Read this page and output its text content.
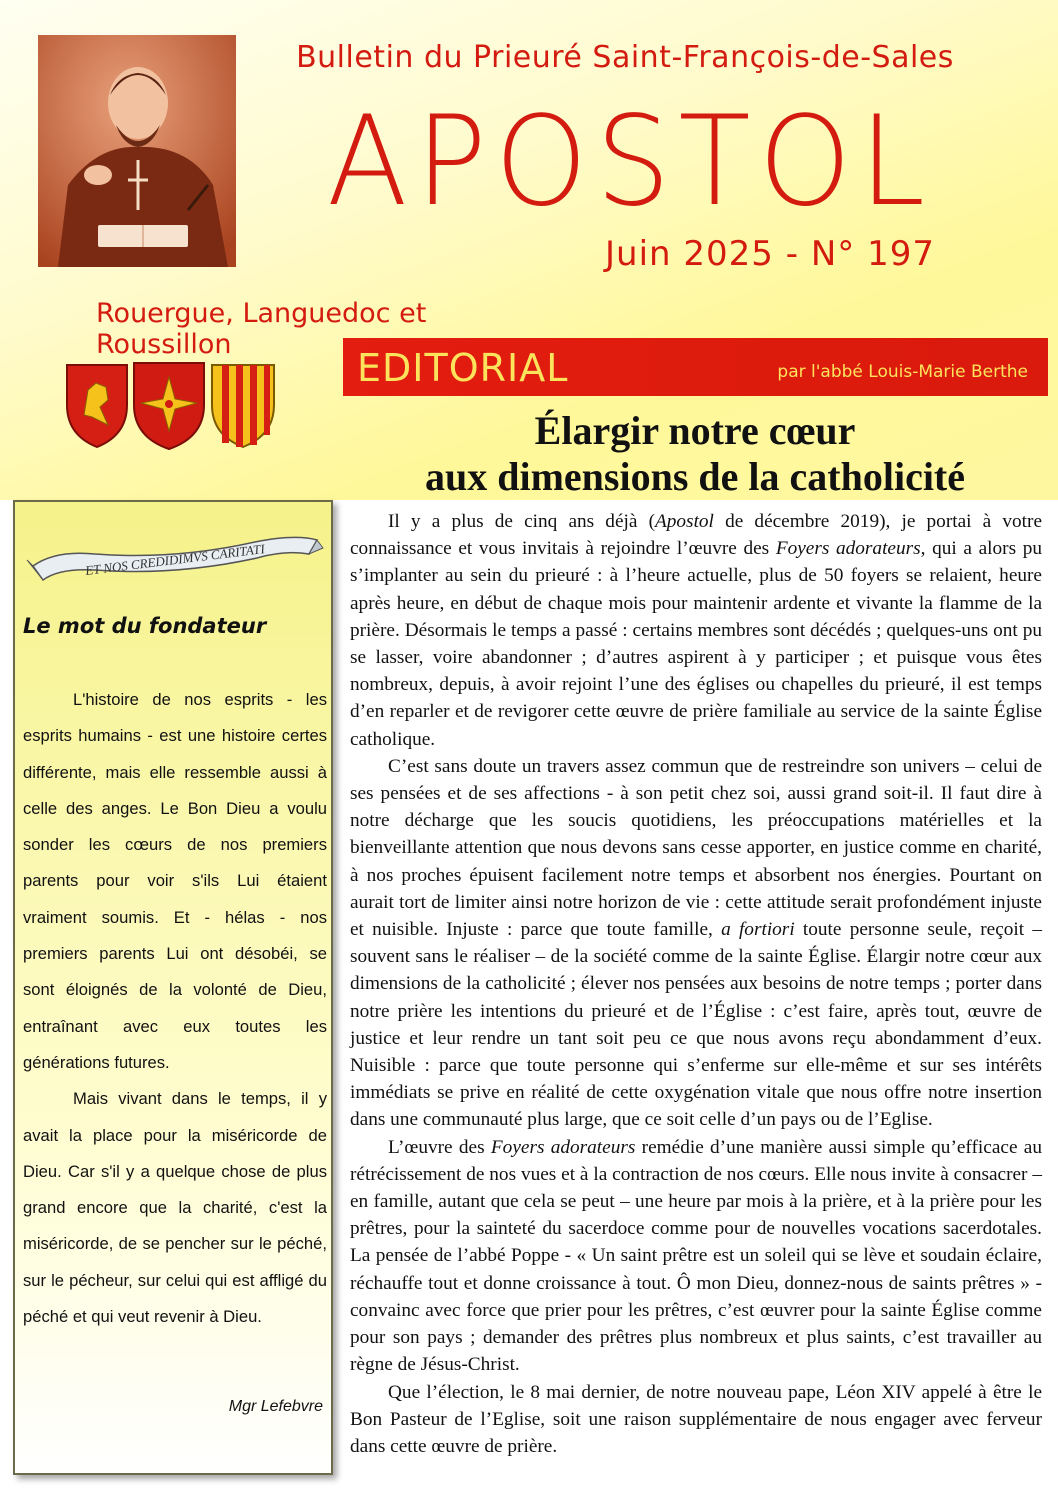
Bulletin du Prieuré Saint-François-de-Sales
APOSTOL
Juin 2025 - N° 197
Rouergue, Languedoc et Roussillon
EDITORIAL	par l'abbé Louis-Marie Berthe
Élargir notre cœur
aux dimensions de la catholicité

Il y a plus de cinq ans déjà (Apostol de décembre 2019), je portai à votre connaissance et vous invitais à rejoindre l’œuvre des Foyers adorateurs, qui a alors pu s’implanter au sein du prieuré : à l’heure actuelle, plus de 50 foyers se relaient, heure après heure, en début de chaque mois pour maintenir ardente et vivante la flamme de la prière. Désormais le temps a passé : certains membres sont décédés ; quelques-uns ont pu se lasser, voire abandonner ; d’autres aspirent à y participer ; et puisque vous êtes nombreux, depuis, à avoir rejoint l’une des églises ou chapelles du prieuré, il est temps d’en reparler et de revigorer cette œuvre de prière familiale au service de la sainte Église catholique.

C’est sans doute un travers assez commun que de restreindre son univers – celui de ses pensées et de ses affections - à son petit chez soi, aussi grand soit-il. Il faut dire à notre décharge que les soucis quotidiens, les préoccupations matérielles et la bienveillante attention que nous devons sans cesse apporter, en justice comme en charité, à nos proches épuisent facilement notre temps et absorbent nos énergies. Pourtant on aurait tort de limiter ainsi notre horizon de vie : cette attitude serait profondément injuste et nuisible. Injuste : parce que toute famille, a fortiori toute personne seule, reçoit – souvent sans le réaliser – de la société comme de la sainte Église. Élargir notre cœur aux dimensions de la catholicité ; élever nos pensées aux besoins de notre temps ; porter dans notre prière les intentions du prieuré et de l’Église : c’est faire, après tout, œuvre de justice et leur rendre un tant soit peu ce que nous avons reçu abondamment d’eux. Nuisible : parce que toute personne qui s’enferme sur elle-même et sur ses intérêts immédiats se prive en réalité de cette oxygénation vitale que nous offre notre insertion dans une communauté plus large, que ce soit celle d’un pays ou de l’Eglise.

L’œuvre des Foyers adorateurs remédie d’une manière aussi simple qu’efficace au rétrécissement de nos vues et à la contraction de nos cœurs. Elle nous invite à consacrer – en famille, autant que cela se peut – une heure par mois à la prière, et à la prière pour les prêtres, pour la sainteté du sacerdoce comme pour de nouvelles vocations sacerdotales. La pensée de l’abbé Poppe - « Un saint prêtre est un soleil qui se lève et soudain éclaire, réchauffe tout et donne croissance à tout. Ô mon Dieu, donnez-nous de saints prêtres » - convainc avec force que prier pour les prêtres, c’est œuvrer pour la sainte Église comme pour son pays ; demander des prêtres plus nombreux et plus saints, c’est travailler au règne de Jésus-Christ.

Que l’élection, le 8 mai dernier, de notre nouveau pape, Léon XIV appelé à être le Bon Pasteur de l’Eglise, soit une raison supplémentaire de nous engager avec ferveur dans cette œuvre de prière.

ET NOS CREDIDIMVS CARITATI
Le mot du fondateur

L'histoire de nos esprits - les esprits humains - est une histoire certes différente, mais elle ressemble aussi à celle des anges. Le Bon Dieu a voulu sonder les cœurs de nos premiers parents pour voir s'ils Lui étaient vraiment soumis. Et - hélas - nos premiers parents Lui ont désobéi, se sont éloignés de la volonté de Dieu, entraînant avec eux toutes les générations futures.

Mais vivant dans le temps, il y avait la place pour la miséricorde de Dieu. Car s'il y a quelque chose de plus grand encore que la charité, c'est la miséricorde, de se pencher sur le péché, sur le pécheur, sur celui qui est affligé du péché et qui veut revenir à Dieu.

Mgr Lefebvre
